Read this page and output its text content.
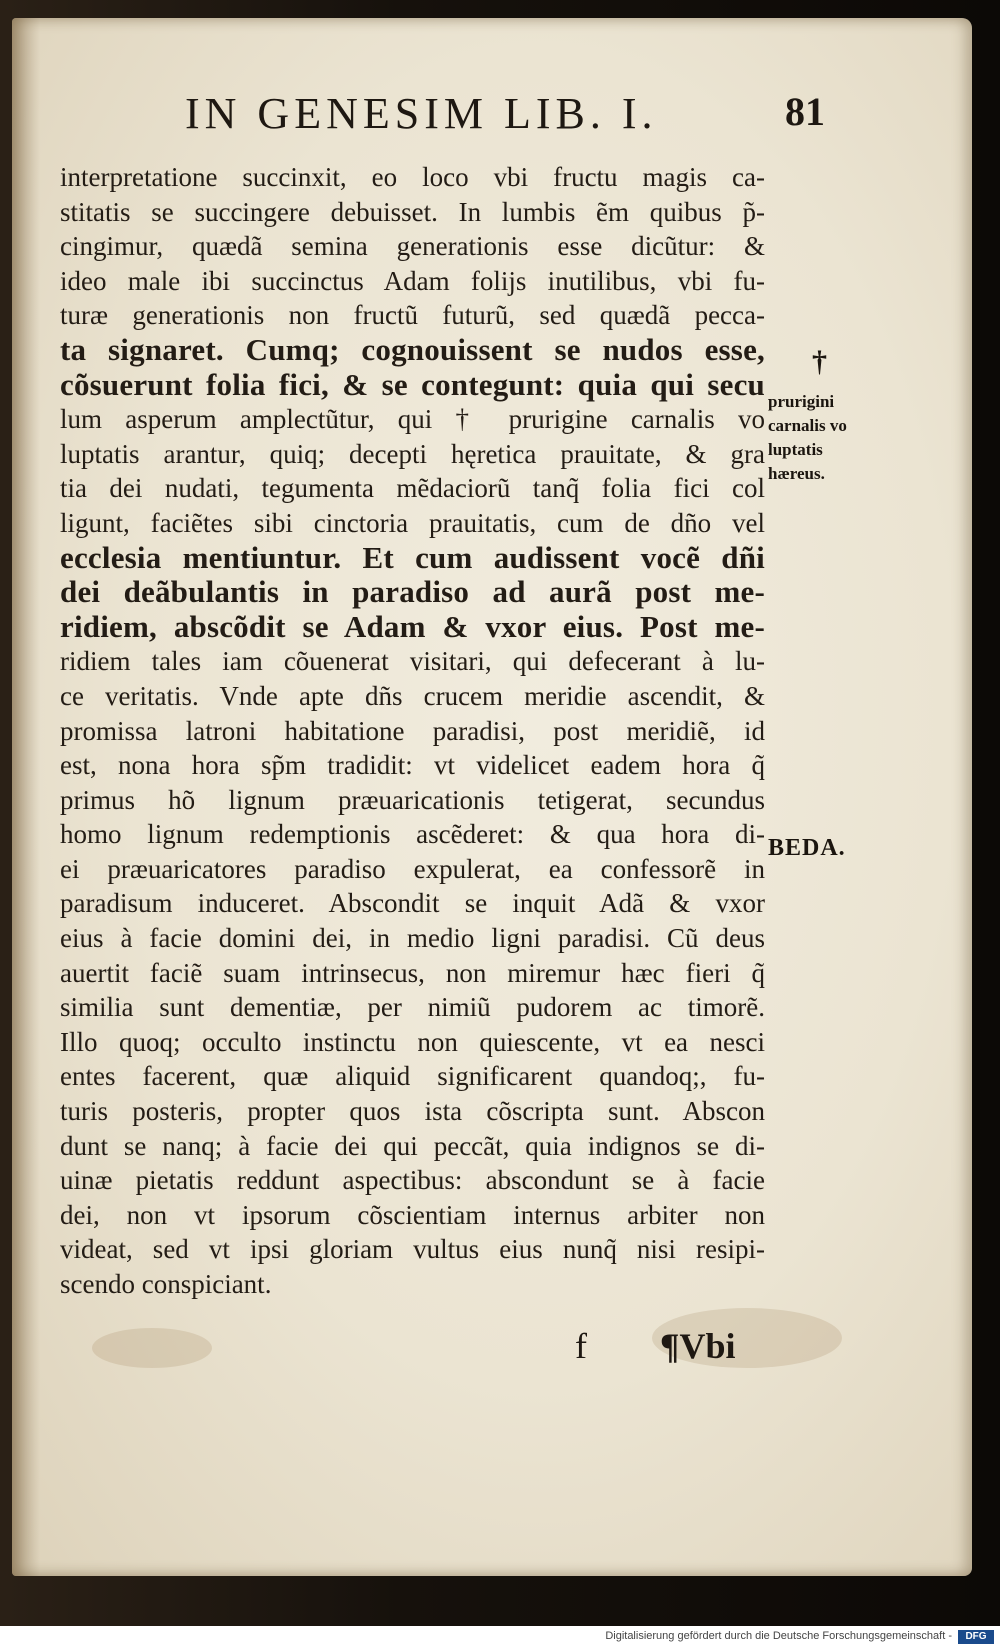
IN GENESIM LIB. I.	81
interpretatione succinxit, eo loco vbi fructu magis ca-
stitatis se succingere debuisset. In lumbis ẽm quibus p̃-
cingimur, quædã semina generationis esse dicũtur: &
ideo male ibi succinctus Adam folijs inutilibus, vbi fu-
turæ generationis non fructũ futurũ, sed quædã pecca-
ta signaret. Cumq; cognouissent se nudos esse,
cõsuerunt folia fici, & se contegunt: quia qui secu
lum asperum amplectũtur, qui † prurigine carnalis vo
luptatis arantur, quiq; decepti hęretica prauitate, & gra
tia dei nudati, tegumenta mẽdaciorũ tanq̃ folia fici col
ligunt, faciẽtes sibi cinctoria prauitatis, cum de dño vel
ecclesia mentiuntur. Et cum audissent vocẽ dñi
dei deãbulantis in paradiso ad aurã post me-
ridiem, abscõdit se Adam & vxor eius. Post me-
ridiem tales iam cõuenerat visitari, qui defecerant à lu-
ce veritatis. Vnde apte dñs crucem meridie ascendit, &
promissa latroni habitatione paradisi, post meridiẽ, id
est, nona hora sp̃m tradidit: vt videlicet eadem hora q̃
primus hõ lignum præuaricationis tetigerat, secundus
homo lignum redemptionis ascẽderet: & qua hora di-
ei præuaricatores paradiso expulerat, ea confessorẽ in
paradisum induceret. Abscondit se inquit Adã & vxor
eius à facie domini dei, in medio ligni paradisi. Cũ deus
auertit faciẽ suam intrinsecus, non miremur hæc fieri q̃
similia sunt dementiæ, per nimiũ pudorem ac timorẽ.
Illo quoq; occulto instinctu non quiescente, vt ea nesci
entes facerent, quæ aliquid significarent quandoq;, fu-
turis posteris, propter quos ista cõscripta sunt. Abscon
dunt se nanq; à facie dei qui peccãt, quia indignos se di-
uinæ pietatis reddunt aspectibus: abscondunt se à facie
dei, non vt ipsorum cõscientiam internus arbiter non
videat, sed vt ipsi gloriam vultus eius nunq̃ nisi resipi-
scendo conspiciant.
†
prurigini
carnalis vo
luptatis
hæreus.
BEDA.
f ¶Vbi
Digitalisierung gefördert durch die Deutsche Forschungsgemeinschaft -	DFG
